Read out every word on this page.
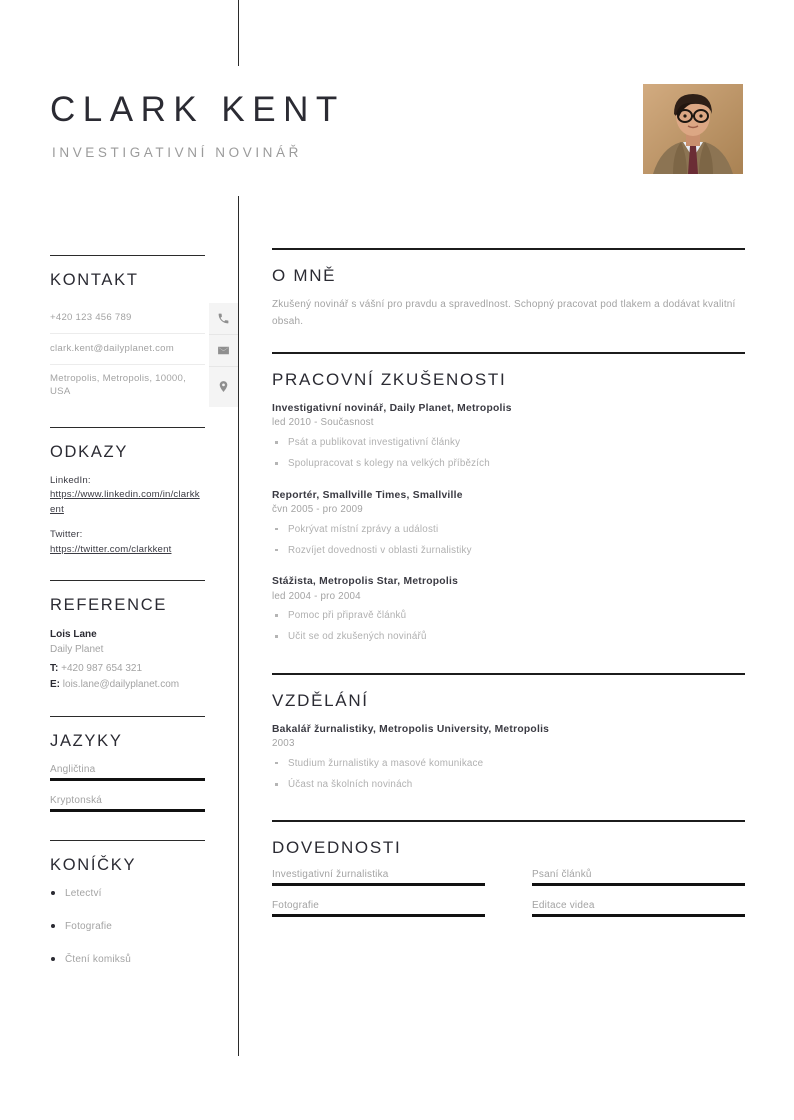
CLARK KENT
INVESTIGATIVNÍ NOVINÁŘ
KONTAKT
+420 123 456 789
clark.kent@dailyplanet.com
Metropolis, Metropolis, 10000, USA
ODKAZY
LinkedIn:
https://www.linkedin.com/in/clarkkent
Twitter:
https://twitter.com/clarkkent
REFERENCE
Lois Lane
Daily Planet
T: +420 987 654 321
E: lois.lane@dailyplanet.com
JAZYKY
Angličtina
Kryptonská
KONÍČKY
Letectví
Fotografie
Čtení komiksů
O MNĚ
Zkušený novinář s vášní pro pravdu a spravedlnost. Schopný pracovat pod tlakem a dodávat kvalitní obsah.
PRACOVNÍ ZKUŠENOSTI
Investigativní novinář, Daily Planet, Metropolis
led 2010 - Současnost
Psát a publikovat investigativní články
Spolupracovat s kolegy na velkých příbězích
Reportér, Smallville Times, Smallville
čvn 2005 - pro 2009
Pokrývat místní zprávy a události
Rozvíjet dovednosti v oblasti žurnalistiky
Stážista, Metropolis Star, Metropolis
led 2004 - pro 2004
Pomoc při připravě článků
Učit se od zkušených novinářů
VZDĚLÁNÍ
Bakalář žurnalistiky, Metropolis University, Metropolis
2003
Studium žurnalistiky a masové komunikace
Účast na školních novinách
DOVEDNOSTI
Investigativní žurnalistika	Psaní článků
Fotografie	Editace videa
